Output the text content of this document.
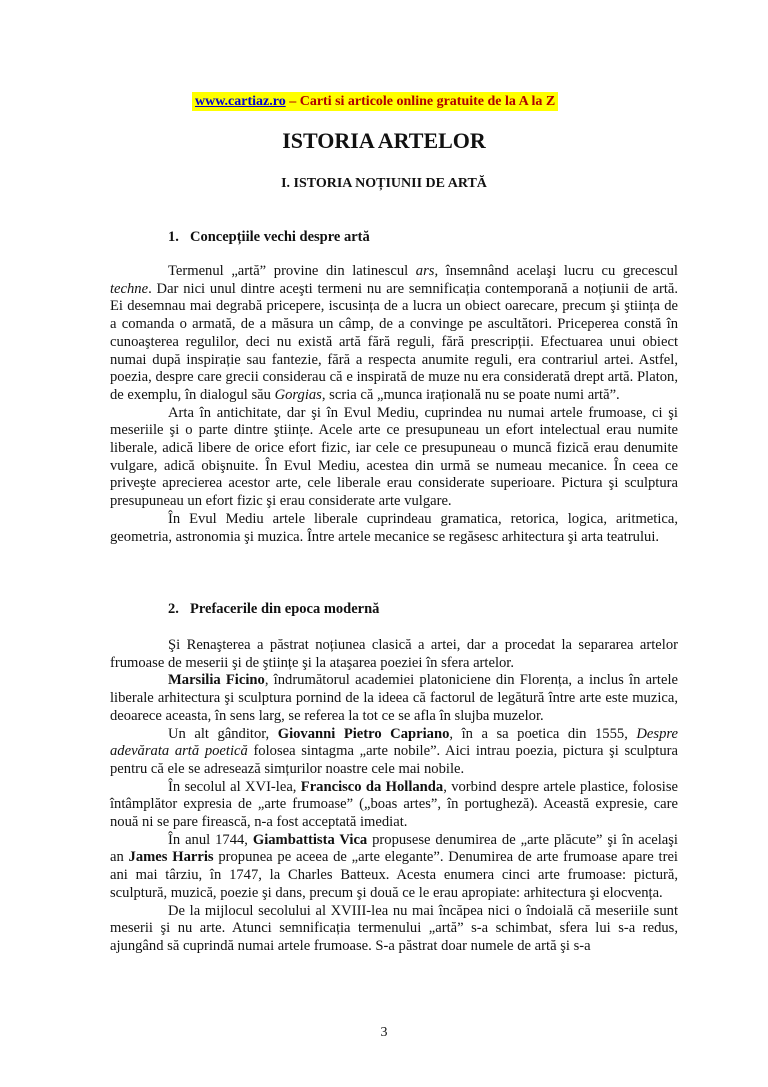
www.cartiaz.ro – Carti si articole online gratuite de la A la Z
ISTORIA ARTELOR
I. ISTORIA NOȚIUNII DE ARTĂ
1. Concepțiile vechi despre artă

Termenul „artă” provine din latinescul ars, însemnând acelaşi lucru cu grecescul techne. Dar nici unul dintre aceşti termeni nu are semnificația contemporană a noțiunii de artă. Ei desemnau mai degrabă pricepere, iscusința de a lucra un obiect oarecare, precum şi ştiința de a comanda o armată, de a măsura un câmp, de a convinge pe ascultători. Priceperea constă în cunoaşterea regulilor, deci nu există artă fără reguli, fără prescripții. Efectuarea unui obiect numai după inspirație sau fantezie, fără a respecta anumite reguli, era contrariul artei. Astfel, poezia, despre care grecii considerau că e inspirată de muze nu era considerată drept artă. Platon, de exemplu, în dialogul său Gorgias, scria că „munca irațională nu se poate numi artă”.

Arta în antichitate, dar şi în Evul Mediu, cuprindea nu numai artele frumoase, ci şi meseriile şi o parte dintre ştiințe. Acele arte ce presupuneau un efort intelectual erau numite liberale, adică libere de orice efort fizic, iar cele ce presupuneau o muncă fizică erau denumite vulgare, adică obişnuite. În Evul Mediu, acestea din urmă se numeau mecanice. În ceea ce priveşte aprecierea acestor arte, cele liberale erau considerate superioare. Pictura şi sculptura presupuneau un efort fizic şi erau considerate arte vulgare.

În Evul Mediu artele liberale cuprindeau gramatica, retorica, logica, aritmetica, geometria, astronomia şi muzica. Între artele mecanice se regăsesc arhitectura şi arta teatrului.

2. Prefacerile din epoca modernă

Şi Renaşterea a păstrat noțiunea clasică a artei, dar a procedat la separarea artelor frumoase de meserii şi de ştiințe şi la ataşarea poeziei în sfera artelor.

Marsilia Ficino, îndrumătorul academiei platoniciene din Florența, a inclus în artele liberale arhitectura şi sculptura pornind de la ideea că factorul de legătură între arte este muzica, deoarece aceasta, în sens larg, se referea la tot ce se afla în slujba muzelor.

Un alt gânditor, Giovanni Pietro Capriano, în a sa poetica din 1555, Despre adevărata artă poetică folosea sintagma „arte nobile”. Aici intrau poezia, pictura şi sculptura pentru că ele se adresează simțurilor noastre cele mai nobile.

În secolul al XVI-lea, Francisco da Hollanda, vorbind despre artele plastice, folosise întâmplător expresia de „arte frumoase” („boas artes”, în portugheză). Această expresie, care nouă ni se pare firească, n-a fost acceptată imediat.

În anul 1744, Giambattista Vica propusese denumirea de „arte plăcute” şi în acelaşi an James Harris propunea pe aceea de „arte elegante”. Denumirea de arte frumoase apare trei ani mai târziu, în 1747, la Charles Batteux. Acesta enumera cinci arte frumoase: pictură, sculptură, muzică, poezie şi dans, precum şi două ce le erau apropiate: arhitectura şi elocvența.

De la mijlocul secolului al XVIII-lea nu mai încăpea nici o îndoială că meseriile sunt meserii şi nu arte. Atunci semnificația termenului „artă” s-a schimbat, sfera lui s-a redus, ajungând să cuprindă numai artele frumoase. S-a păstrat doar numele de artă şi s-a

3
